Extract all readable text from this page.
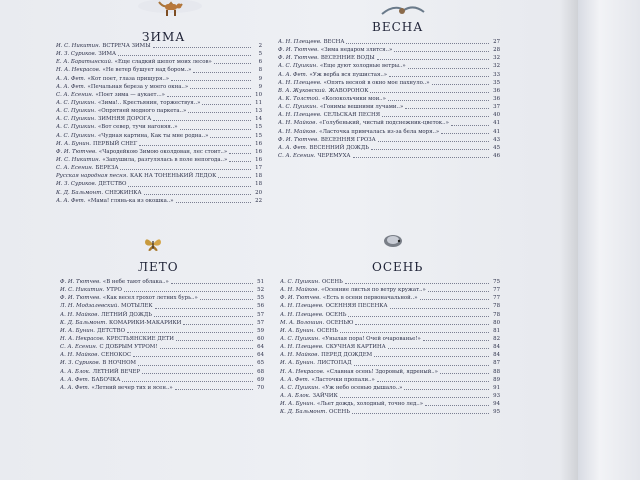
ЗИМА
И. С. Никитин. ВСТРЕЧА ЗИМЫ	2
И. З. Суриков. ЗИМА	5
Е. А. Баратынский. «Еще сладкий шепот моих лесов»	6
Н. А. Некрасов. «Не ветер бушует над бором..»	8
А. А. Фет. «Кот поет, глаза прищуря..»	9
А. А. Фет. «Печальная береза у моего окна..»	9
С. А. Есенин. «Поет зима — аукает...»	10
А. С. Пушкин. «Зима!.. Крестьянин, торжествуя..»	11
А. С. Пушкин. «Опрятней модного паркета..»	13
А. С. Пушкин. ЗИМНЯЯ ДОРОГА	14
А. С. Пушкин. «Вот север, тучи нагоняя..»	15
А. С. Пушкин. «Чудная картина, Как ты мне родна..»	15
И. А. Бунин. ПЕРВЫЙ СНЕГ	16
Ф. И. Тютчев. «Чародейкою Зимою околдован, лес стоит..»	16
И. С. Никитин. «Запушила, разгулялась в поле непогода..»	16
С. А. Есенин. БЕРЕЗА	17
Русская народная песня. КАК НА ТОНЕНЬКИЙ ЛЕДОК	18
И. З. Суриков. ДЕТСТВО	18
К. Д. Бальмонт. СНЕЖИНКА	20
А. А. Фет. «Мама! глянь-ка из окошка..»	22
ВЕСНА
А. Н. Плещеев. ВЕСНА	27
Ф. И. Тютчев. «Зима недаром злится..»	28
Ф. И. Тютчев. ВЕСЕННИЕ ВОДЫ	32
А. С. Пушкин. «Еще дуют холодные ветры..»	32
А. А. Фет. «Уж верба вся пушистая..»	33
А. Н. Плещеев. «Опять весной в окно мое пахнуло..»	35
В. А. Жуковский. ЖАВОРОНОК	36
А. К. Толстой. «Колокольчики мои..»	36
А. С. Пушкин. «Гонимы вешними лучами..»	37
А. Н. Плещеев. СЕЛЬСКАЯ ПЕСНЯ	40
А. Н. Майков. «Голубенький, чистый подснежник-цветок..»	41
А. Н. Майков. «Ласточка примчалась из-за бела моря..»	41
Ф. И. Тютчев. ВЕСЕННЯЯ ГРОЗА	43
А. А. Фет. ВЕСЕННИЙ ДОЖДЬ	45
С. А. Есенин. ЧЕРЕМУХА	46
ЛЕТО
Ф. И. Тютчев. «В небе тают облака..»	51
И. С. Никитин. УТРО	52
Ф. И. Тютчев. «Как весел грохот летних бурь..»	55
Л. Н. Модзалевский. МОТЫЛЕК	56
А. Н. Майков. ЛЕТНИЙ ДОЖДЬ	57
К. Д. Бальмонт. КОМАРИКИ-МАКАРИКИ	57
И. А. Бунин. ДЕТСТВО	59
Н. А. Некрасов. КРЕСТЬЯНСКИЕ ДЕТИ	60
С. А. Есенин. С ДОБРЫМ УТРОМ!	64
А. Н. Майков. СЕНОКОС	64
И. З. Суриков. В НОЧНОМ	65
А. А. Блок. ЛЕТНИЙ ВЕЧЕР	68
А. А. Фет. БАБОЧКА	69
А. А. Фет. «Летний вечер тих и ясен..»	70
ОСЕНЬ
А. С. Пушкин. ОСЕНЬ	75
А. Н. Майков. «Осенние листья по ветру кружат..»	77
Ф. И. Тютчев. «Есть в осени первоначальной..»	77
А. Н. Плещеев. ОСЕННЯЯ ПЕСЕНКА	78
А. Н. Плещеев. ОСЕНЬ	78
М. А. Волошин. ОСЕНЬЮ	80
И. А. Бунин. ОСЕНЬ	81
А. С. Пушкин. «Унылая пора! Очей очарованье!»	82
А. Н. Плещеев. СКУЧНАЯ КАРТИНА	84
А. Н. Майков. ПЕРЕД ДОЖДЕМ	84
И. А. Бунин. ЛИСТОПАД	87
Н. А. Некрасов. «Славная осень! Здоровый, ядреный..»	88
А. А. Фет. «Ласточки пропали..»	89
А. С. Пушкин. «Уж небо осенью дышало..»	91
А. А. Блок. ЗАЙЧИК	93
И. А. Бунин. «Льет дождь, холодный, точно лед..»	94
К. Д. Бальмонт. ОСЕНЬ	95
